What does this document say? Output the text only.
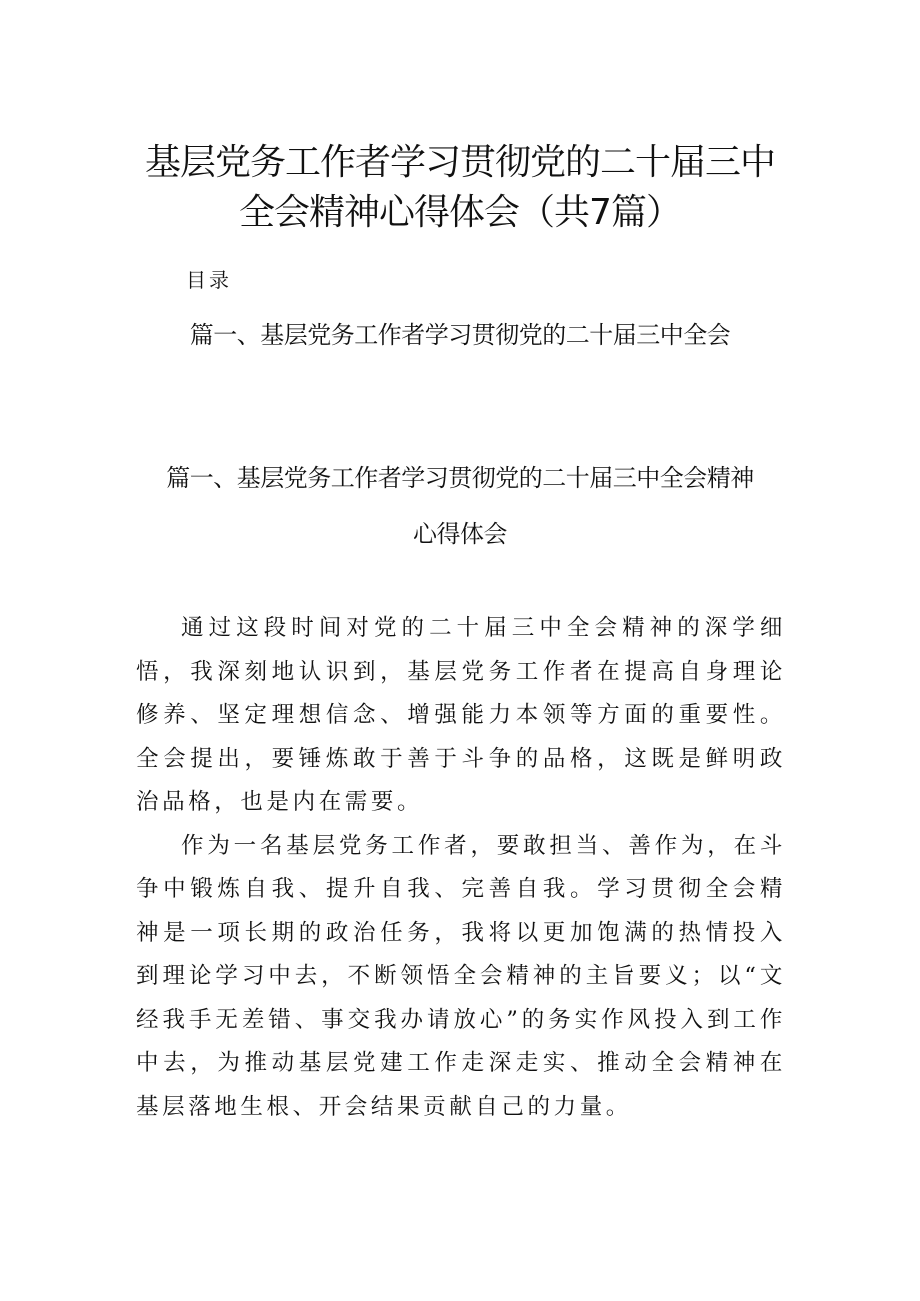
基层党务工作者学习贯彻党的二十届三中
全会精神心得体会（共7篇）
目录
篇一、基层党务工作者学习贯彻党的二十届三中全会
篇一、基层党务工作者学习贯彻党的二十届三中全会精神
心得体会

通过这段时间对党的二十届三中全会精神的深学细悟，我深刻地认识到，基层党务工作者在提高自身理论修养、坚定理想信念、增强能力本领等方面的重要性。全会提出，要锤炼敢于善于斗争的品格，这既是鲜明政治品格，也是内在需要。

作为一名基层党务工作者，要敢担当、善作为，在斗争中锻炼自我、提升自我、完善自我。学习贯彻全会精神是一项长期的政治任务，我将以更加饱满的热情投入到理论学习中去，不断领悟全会精神的主旨要义；以“文经我手无差错、事交我办请放心”的务实作风投入到工作中去，为推动基层党建工作走深走实、推动全会精神在基层落地生根、开会结果贡献自己的力量。
